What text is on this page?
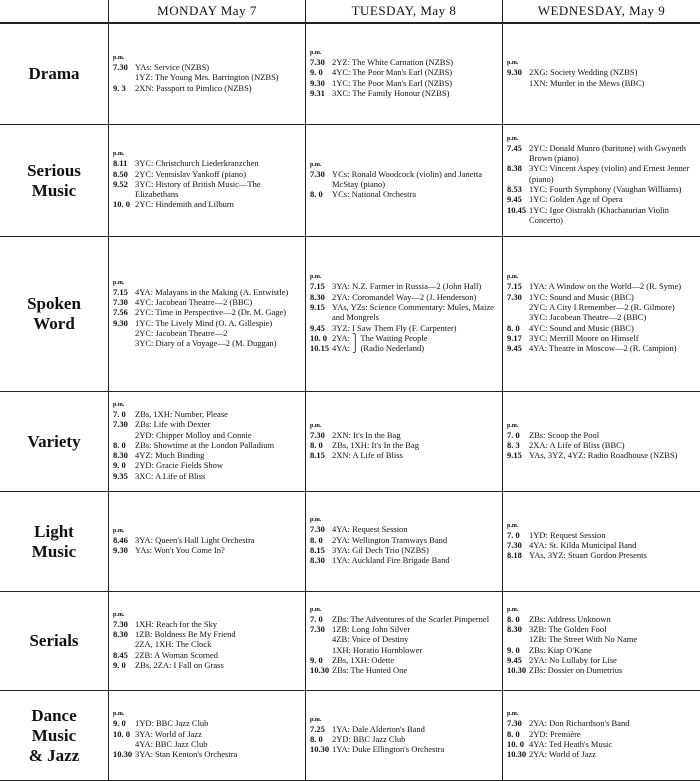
MONDAY May 7	TUESDAY, May 8	WEDNESDAY, May 9
Drama
p.m.
7.30 YAs: Service (NZBS)
1YZ: The Young Mrs. Barrington (NZBS)
9. 3	2XN: Passport to Pimlico (NZBS)
p.m.
7.30 2YZ: The White Carnation (NZBS)
9. 0	4YC: The Poor Man's Earl (NZBS)
9.30 1YC: The Poor Man's Earl (NZBS)
9.31 3XC: The Family Honour (NZBS)
p.m.
9.30 2XG: Society Wedding (NZBS)
1XN: Murder in the Mews (BBC)
Serious
Music
p.m.
8.11 3YC: Christchurch Liederkranzchen
8.50 2YC: Ventsislav Yankoff (piano)
9.52 3YC: History of British Music—The Elizabethans
10. 0 2YC: Hindemith and Lilburn
p.m.
7.30 YCs: Ronald Woodcock (violin) and Janetta McStay (piano)
8. 0	YCs: National Orchestra
p.m.
7.45 2YC: Donald Munro (baritone) with Gwyneth Brown (piano)
8.38 3YC: Vincent Aspey (violin) and Ernest Jenner (piano)
8.53 1YC: Fourth Symphony (Vaughan Williams)
9.45 1YC: Golden Age of Opera
10.45 1YC: Igor Oistrakh (Khachaturian Violin Concerto)
Spoken
Word
p.m.
7.15 4YA: Malayans in the Making (A. Entwistle)
7.30 4YC: Jacobean Theatre—2 (BBC)
7.56 2YC: Time in Perspective—2 (Dr. M. Gage)
9.30 1YC: The Lively Mind (O. A. Gillespie)
2YC: Jacobean Theatre—2
3YC: Diary of a Voyage—2 (M. Duggan)
p.m.
7.15 3YA: N.Z. Farmer in Russia—2 (John Hall)
8.30 2YA: Coromandel Way—2 (J. Henderson)
9.15 YAs, YZs: Science Commentary: Mules, Maize and Mongrels
9.45 3YZ: I Saw Them Fly (F. Carpenter)
10. 0 2YA: ⎫ The Waiting People
10.15 4YA: ⎭ (Radio Nederland)
p.m.
7.15 1YA: A Window on the World—2 (R. Syme)
7.30 1YC: Sound and Music (BBC)
2YC: A City I Remember—2 (R. Gilmore)
3YC: Jacobean Theatre—2 (BBC)
8. 0	4YC: Sound and Music (BBC)
9.17 3YC: Merrill Moore on Himself
9.45 4YA: Theatre in Moscow—2 (R. Campion)
Variety
p.m.
7. 0	ZBs, 1XH: Number, Please
7.30 ZBs: Life with Dexter
2YD: Chipper Molloy and Connie
8. 0	ZBs: Showtime at the London Palladium
8.30 4YZ: Much Binding
9. 0	2YD: Gracie Fields Show
9.35 3XC: A Life of Bliss
p.m.
7.30 2XN: It's In the Bag
8. 0	ZBs, 1XH: It's In the Bag
8.15 2XN: A Life of Bliss
p.m.
7. 0	ZBs: Scoop the Pool
8. 3	2XA: A Life of Bliss (BBC)
9.15 YAs, 3YZ, 4YZ: Radio Roadhouse (NZBS)
Light
Music
p.m.
8.46 3YA: Queen's Hall Light Orchestra
9.30 YAs: Won't You Come In?
p.m.
7.30 4YA: Request Session
8. 0	2YA: Wellington Tramways Band
8.15 3YA: Gil Dech Trio (NZBS)
8.30 1YA: Auckland Fire Brigade Band
p.m.
7. 0	1YD: Request Session
7.30 4YA: St. Kilda Municipal Band
8.18 YAs, 3YZ: Stuart Gordon Presents
Serials
p.m.
7.30 1XH: Reach for the Sky
8.30 1ZB: Boldness Be My Friend
2ZA, 1XH: The Clock
8.45 2ZB: A Woman Scorned
9. 0	ZBs, 2ZA: I Fall on Grass
p.m.
7. 0	ZBs: The Adventures of the Scarlet Pimpernel
7.30 1ZB: Long John Silver
4ZB: Voice of Destiny
1XH: Horatio Hornblower
9. 0	ZBs, 1XH: Odette
10.30 ZBs: The Hunted One
p.m.
8. 0	ZBs: Address Unknown
8.30 3ZB: The Golden Fool
1ZB: The Street With No Name
9. 0	ZBs: Kiap O'Kane
9.45 2YA: No Lullaby for Lise
10.30 ZBs: Dossier on Dumetrius
Dance
Music
& Jazz
p.m.
9. 0	1YD: BBC Jazz Club
10. 0 3YA: World of Jazz
4YA: BBC Jazz Club
10.30 3YA: Stan Kenton's Orchestra
p.m.
7.25 1YA: Dale Alderton's Band
8. 0	2YD: BBC Jazz Club
10.30 1YA: Duke Ellington's Orchestra
p.m.
7.30 2YA: Don Richardson's Band
8. 0	2YD: Première
10. 0 4YA: Ted Heath's Music
10.30 2YA: World of Jazz
